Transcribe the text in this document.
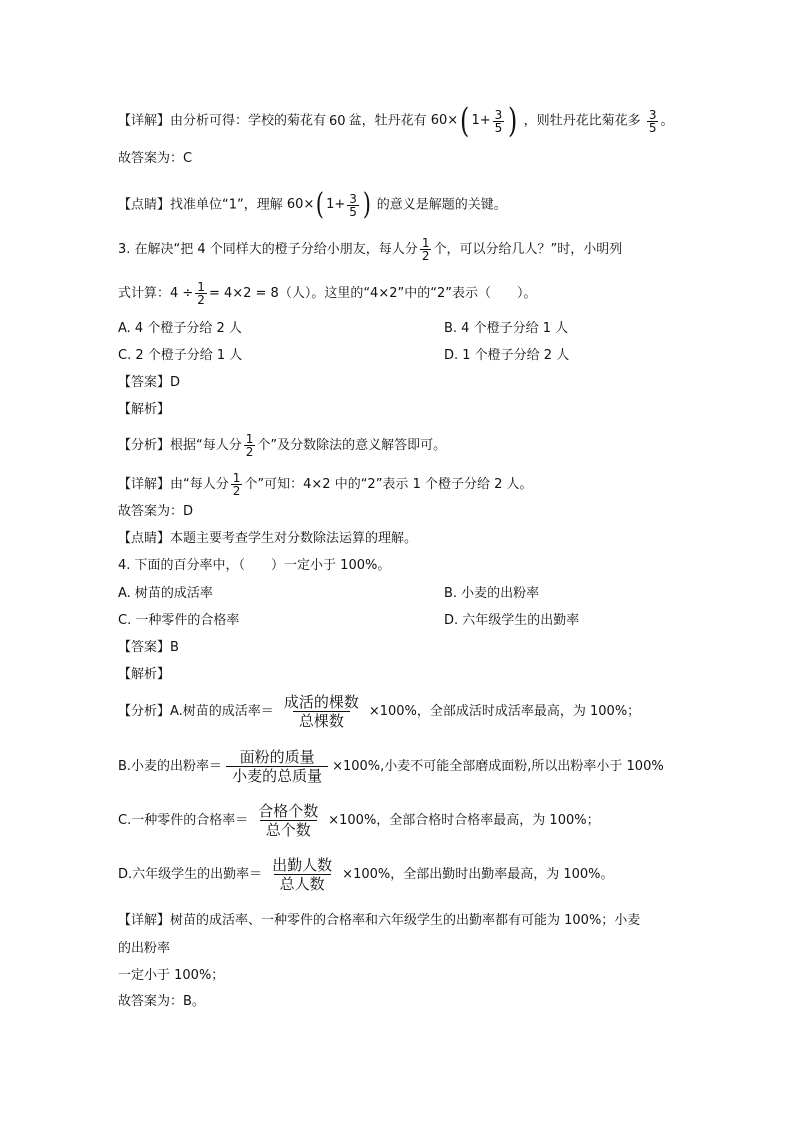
【详解】由分析可得：学校的菊花有 60 盆，牡丹花有 60× ( $1+ \frac{3}{5}$ ) ，则牡丹花比菊花多 $\frac{3}{5}$ 。
故答案为：C
【点睛】找准单位“1”，理解 60× ( $1+ \frac{3}{5}$ ) 的意义是解题的关键。
3. 在解决“把 4 个同样大的橙子分给小朋友，每人分 $\frac{1}{2}$ 个，可以分给几人？”时，小明列
式计算：$4 \div \frac{1}{2} = 4\times 2 = 8$（人）。这里的“4×2”中的“2”表示（　　）。
A. 4 个橙子分给 2 人	B. 4 个橙子分给 1 人
C. 2 个橙子分给 1 人	D. 1 个橙子分给 2 人
【答案】D
【解析】
【分析】根据“每人分 $\frac{1}{2}$ 个”及分数除法的意义解答即可。
【详解】由“每人分 $\frac{1}{2}$ 个”可知：4×2 中的“2”表示 1 个橙子分给 2 人。
故答案为：D
【点睛】本题主要考查学生对分数除法运算的理解。
4. 下面的百分率中，（　　）一定小于 100%。
A. 树苗的成活率	B. 小麦的出粉率
C. 一种零件的合格率	D. 六年级学生的出勤率
【答案】B
【解析】
【分析】A.树苗的成活率＝ $\frac{\text{成活的棵数}}{\text{总棵数}} \times 100\%$，全部成活时成活率最高，为 100%；
B.小麦的出粉率＝ $\frac{\text{面粉的质量}}{\text{小麦的总质量}} \times 100\%$,小麦不可能全部磨成面粉,所以出粉率小于 100%
C.一种零件的合格率＝ $\frac{\text{合格个数}}{\text{总个数}} \times 100\%$，全部合格时合格率最高，为 100%；
D.六年级学生的出勤率＝ $\frac{\text{出勤人数}}{\text{总人数}} \times 100\%$，全部出勤时出勤率最高，为 100%。
【详解】树苗的成活率、一种零件的合格率和六年级学生的出勤率都有可能为 100%；小麦
的出粉率
一定小于 100%；
故答案为：B。
